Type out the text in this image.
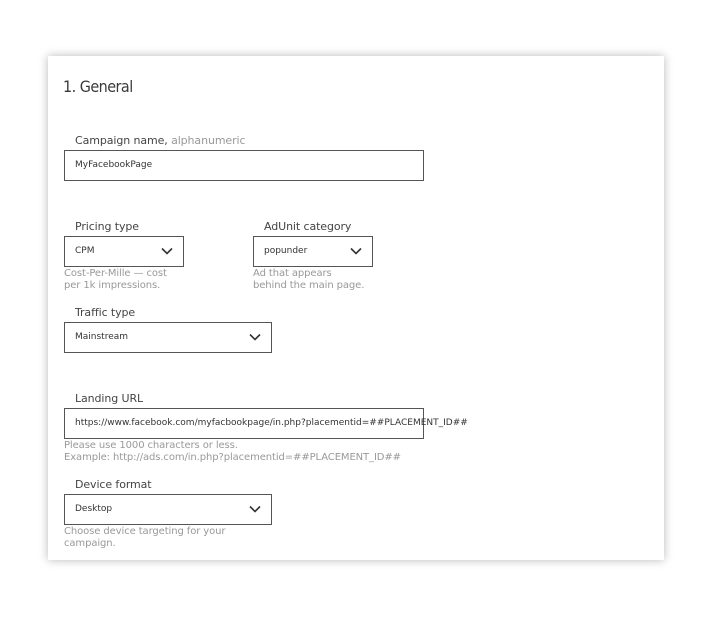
1. General
Campaign name, alphanumeric
MyFacebookPage
Pricing type
CPM
Cost-Per-Mille — cost
per 1k impressions.
AdUnit category
popunder
Ad that appears
behind the main page.
Traffic type
Mainstream
Landing URL
https://www.facebook.com/myfacbookpage/in.php?placementid=##PLACEMENT_ID##
Please use 1000 characters or less.
Example: http://ads.com/in.php?placementid=##PLACEMENT_ID##
Device format
Desktop
Choose device targeting for your
campaign.
